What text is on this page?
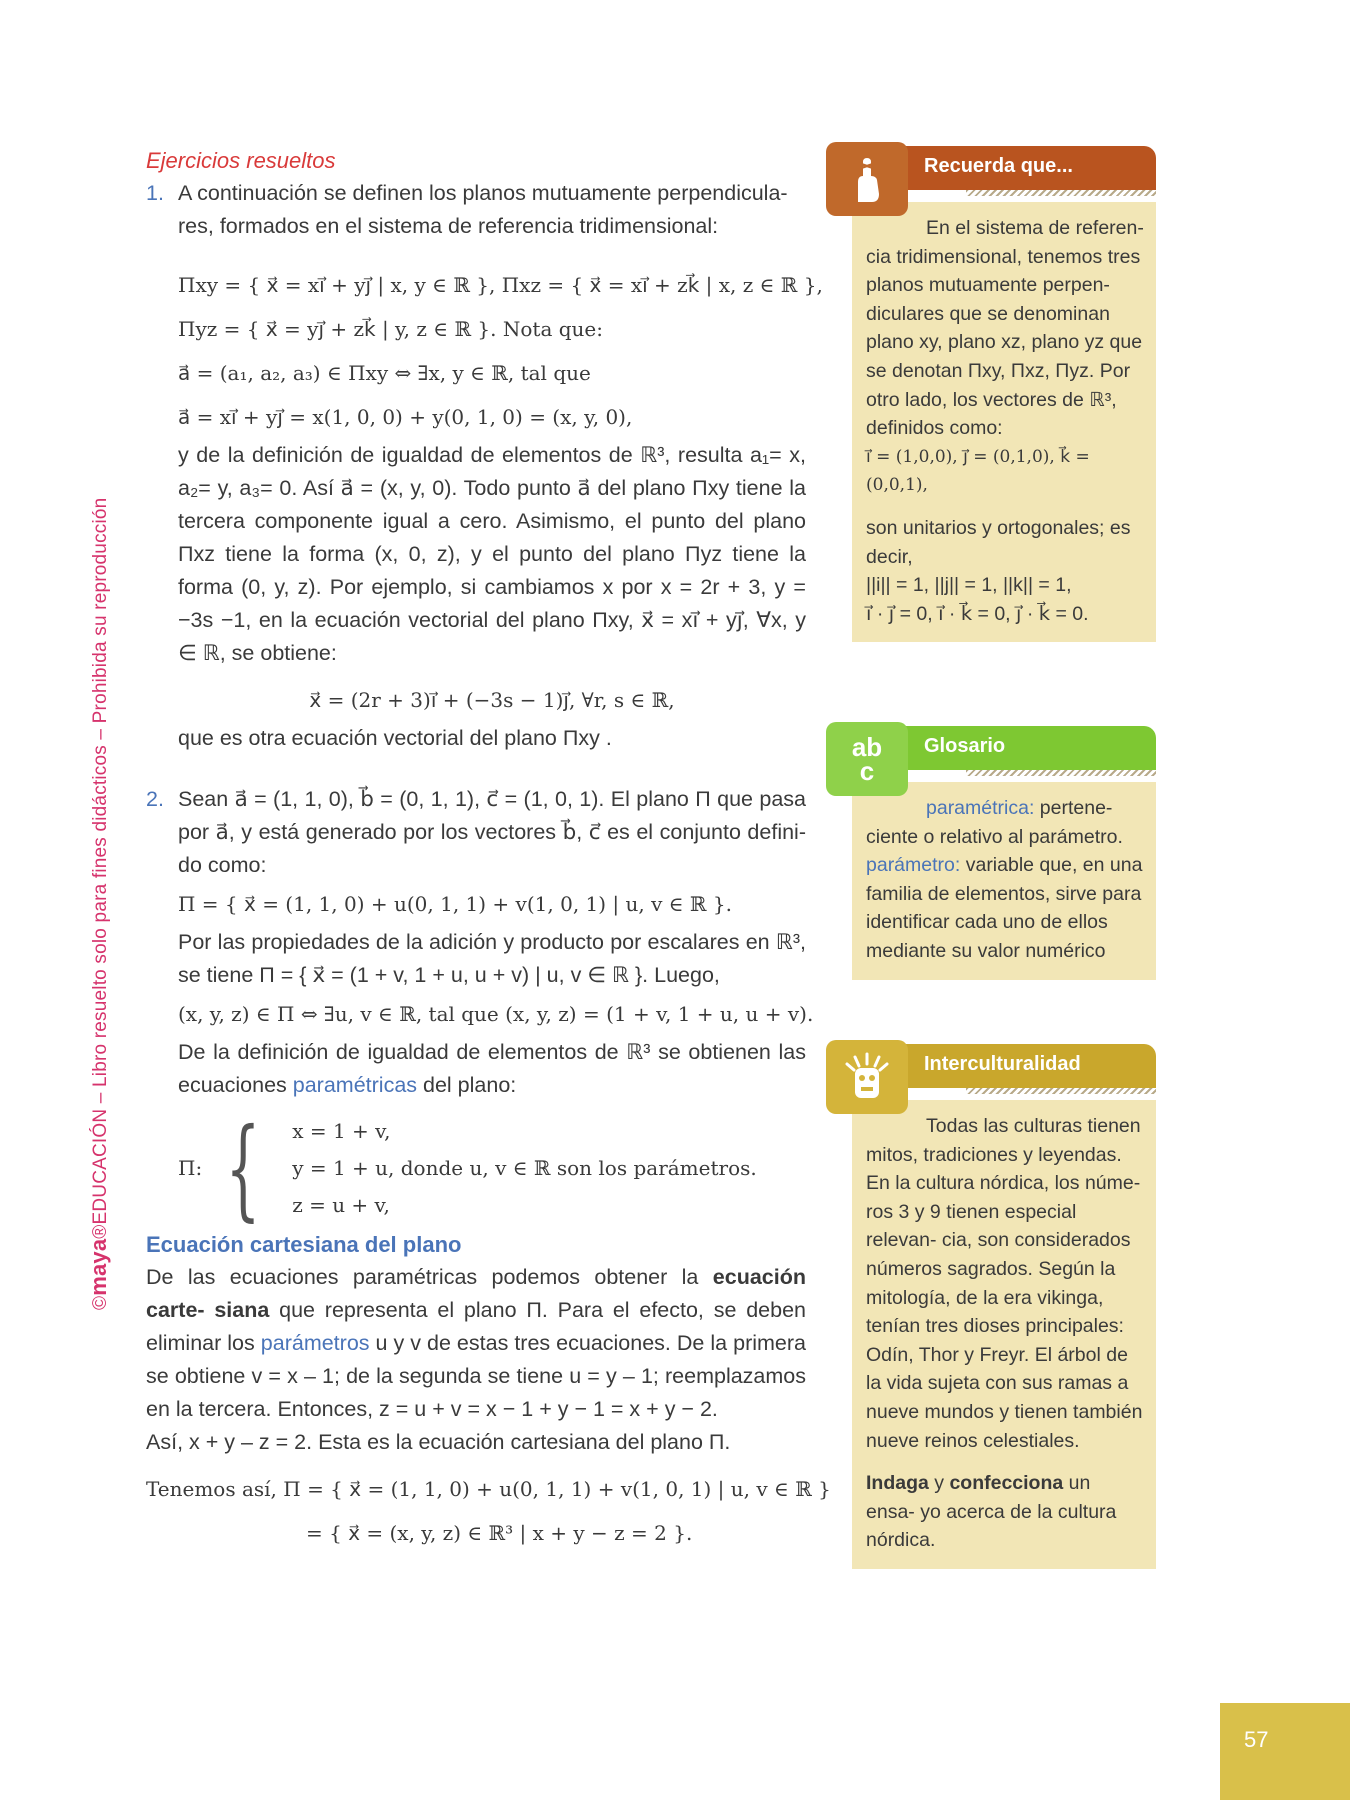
©maya®EDUCACIÓN – Libro resuelto solo para fines didácticos – Prohibida su reproducción

Ejercicios resueltos

1. A continuación se definen los planos mutuamente perpendicula- res, formados en el sistema de referencia tridimensional:

Πxy = { x⃗ = xi⃗ + yj⃗ | x, y ∈ ℝ }, Πxz = { x⃗ = xi⃗ + zk⃗ | x, z ∈ ℝ },
Πyz = { x⃗ = yj⃗ + zk⃗ | y, z ∈ ℝ }. Nota que:
a⃗ = (a₁, a₂, a₃) ∈ Πxy ⇔ ∃x, y ∈ ℝ, tal que
a⃗ = xi⃗ + yj⃗ = x(1, 0, 0) + y(0, 1, 0) = (x, y, 0),

y de la definición de igualdad de elementos de ℝ³, resulta a₁= x, a₂= y, a₃= 0. Así a⃗ = (x, y, 0). Todo punto a⃗ del plano Πxy tiene la tercera componente igual a cero. Asimismo, el punto del plano Πxz tiene la forma (x, 0, z), y el punto del plano Πyz tiene la forma (0, y, z). Por ejemplo, si cambiamos x por x = 2r + 3, y = −3s −1, en la ecuación vectorial del plano Πxy, x⃗ = xi⃗ + yj⃗, ∀x, y ∈ ℝ, se obtiene:

x⃗ = (2r + 3)i⃗ + (−3s − 1)j⃗, ∀r, s ∈ ℝ,

que es otra ecuación vectorial del plano Πxy .

2. Sean a⃗ = (1, 1, 0), b⃗ = (0, 1, 1), c⃗ = (1, 0, 1). El plano Π que pasa por a⃗, y está generado por los vectores b⃗, c⃗ es el conjunto defini- do como:

Π = { x⃗ = (1, 1, 0) + u(0, 1, 1) + v(1, 0, 1) | u, v ∈ ℝ }.

Por las propiedades de la adición y producto por escalares en ℝ³, se tiene Π = { x⃗ = (1 + v, 1 + u, u + v) | u, v ∈ ℝ }. Luego,

(x, y, z) ∈ Π ⇔ ∃u, v ∈ ℝ, tal que (x, y, z) = (1 + v, 1 + u, u + v).

De la definición de igualdad de elementos de ℝ³ se obtienen las ecuaciones paramétricas del plano:

Π: { x = 1 + v,
y = 1 + u, donde u, v ∈ ℝ son los parámetros.
z = u + v,

Ecuación cartesiana del plano

De las ecuaciones paramétricas podemos obtener la ecuación carte- siana que representa el plano Π. Para el efecto, se deben eliminar los parámetros u y v de estas tres ecuaciones. De la primera se obtiene v = x – 1; de la segunda se tiene u = y – 1; reemplazamos en la tercera. Entonces, z = u + v = x − 1 + y − 1 = x + y − 2.

Así, x + y – z = 2. Esta es la ecuación cartesiana del plano Π.

Tenemos así, Π = { x⃗ = (1, 1, 0) + u(0, 1, 1) + v(1, 0, 1) | u, v ∈ ℝ }
= { x⃗ = (x, y, z) ∈ ℝ³ | x + y − z = 2 }.
Recuerda que...

En el sistema de referen- cia tridimensional, tenemos tres planos mutuamente perpen- diculares que se denominan plano xy, plano xz, plano yz que se denotan Πxy, Πxz, Πyz. Por otro lado, los vectores de ℝ³, definidos como:

i⃗ = (1,0,0), j⃗ = (0,1,0), k⃗ = (0,0,1),

son unitarios y ortogonales; es decir,

||i|| = 1, ||j|| = 1, ||k|| = 1,

i⃗ · j⃗ = 0, i⃗ · k⃗ = 0, j⃗ · k⃗ = 0.

ab c
Glosario

paramétrica: pertene- ciente o relativo al parámetro.

parámetro: variable que, en una familia de elementos, sirve para identificar cada uno de ellos mediante su valor numérico

Interculturalidad

Todas las culturas tienen mitos, tradiciones y leyendas. En la cultura nórdica, los núme- ros 3 y 9 tienen especial relevan- cia, son considerados números sagrados. Según la mitología, de la era vikinga, tenían tres dioses principales: Odín, Thor y Freyr. El árbol de la vida sujeta con sus ramas a nueve mundos y tienen también nueve reinos celestiales.

Indaga y confecciona un ensa- yo acerca de la cultura nórdica.

57
